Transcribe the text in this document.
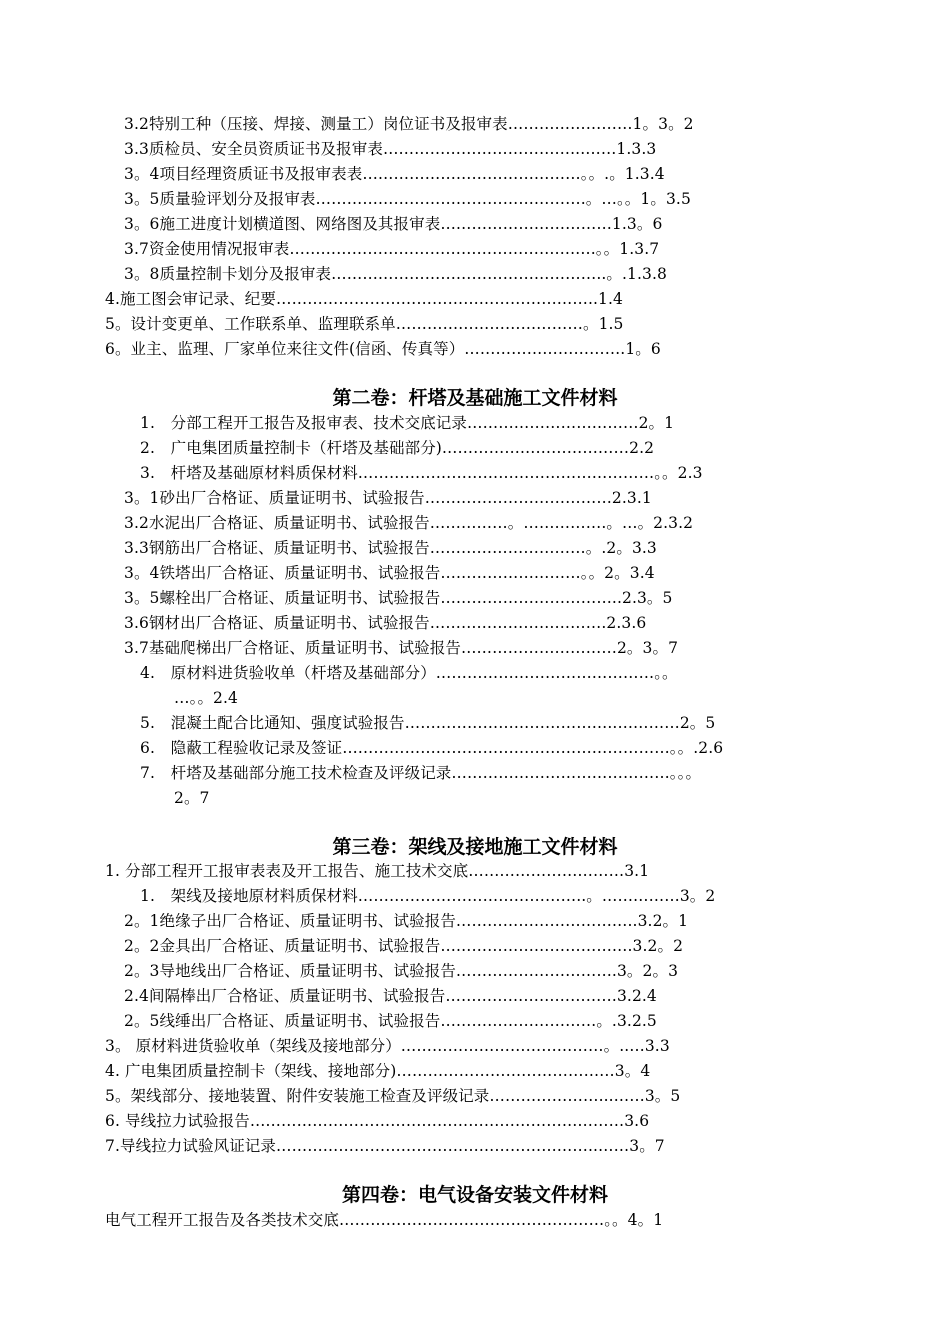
3.2特别工种（压接、焊接、测量工）岗位证书及报审表……………………1。3。2
3.3质检员、安全员资质证书及报审表………………………………...……1.3.3
3。4项目经理资质证书及报审表表……………………………………。。.。1.3.4
3。5质量验评划分及报审表…………………………………………….。…。。1。3.5
3。6施工进度计划横道图、网络图及其报审表……………………………1.3。6
3.7资金使用情况报审表……………………………………………….….。。1.3.7
3。8质量控制卡划分及报审表……………………………………………..。.1.3.8
4.施工图会审记录、纪要……………………………………………………..1.4
5。设计变更单、工作联系单、监理联系单………………………………。1.5
6。业主、监理、厂家单位来往文件(信函、传真等）………………………….1。6
第二卷：杆塔及基础施工文件材料
1.　分部工程开工报告及报审表、技术交底记录……………………………2。1
2.　广电集团质量控制卡（杆塔及基础部分)………………………………2.2
3.　杆塔及基础原材料质保材料…………………………………………………。。2.3
3。1砂出厂合格证、质量证明书、试验报告………………………………2.3.1
3.2水泥出厂合格证、质量证明书、试验报告……………。…………….。…。2.3.2
3.3钢筋出厂合格证、质量证明书、试验报告…………………………。.2。3.3
3。4铁塔出厂合格证、质量证明书、试验报告………………………。。2。3.4
3。5螺栓出厂合格证、质量证明书、试验报告……………………………..2.3。5
3.6钢材出厂合格证、质量证明书、试验报告…………………………….2.3.6
3.7基础爬梯出厂合格证、质量证明书、试验报告…………………………2。3。7
4.　原材料进货验收单（杆塔及基础部分）……………………………………。。
…。。2.4
5.　混凝土配合比通知、强度试验报告…………………………………..…………2。5
6.　隐蔽工程验收记录及签证………………………………………………………。。.2.6
7.　杆塔及基础部分施工技术检查及评级记录……………………………………。。。
2。7
第三卷：架线及接地施工文件材料
1. 分部工程开工报审表表及开工报告、施工技术交底…………………………3.1
1.　架线及接地原材料质保材料……………………………………..。……………3。2
2。1绝缘子出厂合格证、质量证明书、试验报告……………………………..3.2。1
2。2金具出厂合格证、质量证明书、试验报告……………………………….3.2。2
2。3导地线出厂合格证、质量证明书、试验报告………………………….3。2。3
2.4间隔棒出厂合格证、质量证明书、试验报告……………………………3.2.4
2。5线缍出厂合格证、质量证明书、试验报告…………………………。.3.2.5
3。 原材料进货验收单（架线及接地部分）…………………………………。..…3.3
4. 广电集团质量控制卡（架线、接地部分)……………………………………3。4
5。架线部分、接地装置、附件安装施工检查及评级记录…………………...……3。5
6. 导线拉力试验报告………………………………………………………………3.6
7.导线拉力试验风证记录……………………………………………………..……3。7
第四卷：电气设备安装文件材料
电气工程开工报告及各类技术交底……………………………………………。。4。1
